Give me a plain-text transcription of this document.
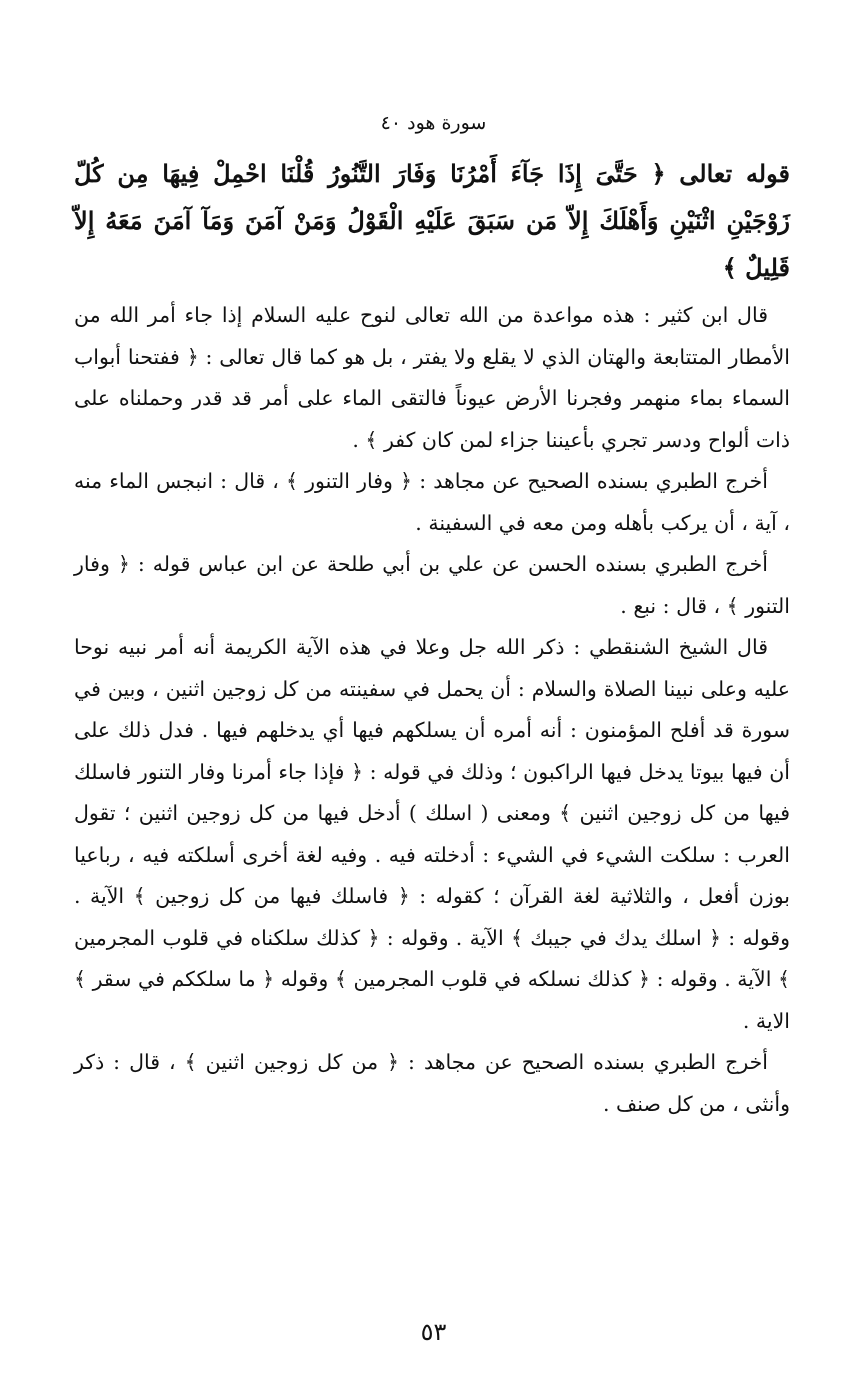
سورة هود ٤٠

قوله تعالى ﴿ حَتَّىَ إِذَا جَآءَ أَمْرُنَا وَفَارَ التَّنُورُ قُلْنَا احْمِلْ فِيهَا مِن كُلّ زَوْجَيْنِ اثْنَيْنِ وَأَهْلَكَ إِلاّ مَن سَبَقَ عَلَيْهِ الْقَوْلُ وَمَنْ آمَنَ وَمَآ آمَنَ مَعَهُ إِلاّ قَلِيلٌ ﴾

قال ابن كثير : هذه مواعدة من الله تعالى لنوح عليه السلام إذا جاء أمر الله من الأمطار المتتابعة والهتان الذي لا يقلع ولا يفتر ، بل هو كما قال تعالى : ﴿ ففتحنا أبواب السماء بماء منهمر وفجرنا الأرض عيوناً فالتقى الماء على أمر قد قدر وحملناه على ذات ألواح ودسر تجري بأعيننا جزاء لمن كان كفر ﴾ .

أخرج الطبري بسنده الصحيح عن مجاهد : ﴿ وفار التنور ﴾ ، قال : انبجس الماء منه ، آية ، أن يركب بأهله ومن معه في السفينة .

أخرج الطبري بسنده الحسن عن علي بن أبي طلحة عن ابن عباس قوله : ﴿ وفار التنور ﴾ ، قال : نبع .

قال الشيخ الشنقطي : ذكر الله جل وعلا في هذه الآية الكريمة أنه أمر نبيه نوحا عليه وعلى نبينا الصلاة والسلام : أن يحمل في سفينته من كل زوجين اثنين ، وبين في سورة قد أفلح المؤمنون : أنه أمره أن يسلكهم فيها أي يدخلهم فيها . فدل ذلك على أن فيها بيوتا يدخل فيها الراكبون ؛ وذلك في قوله : ﴿ فإذا جاء أمرنا وفار التنور فاسلك فيها من كل زوجين اثنين ﴾ ومعنى ( اسلك ) أدخل فيها من كل زوجين اثنين ؛ تقول العرب : سلكت الشيء في الشيء : أدخلته فيه . وفيه لغة أخرى أسلكته فيه ، رباعيا بوزن أفعل ، والثلاثية لغة القرآن ؛ كقوله : ﴿ فاسلك فيها من كل زوجين ﴾ الآية . وقوله : ﴿ اسلك يدك في جيبك ﴾ الآية . وقوله : ﴿ كذلك سلكناه في قلوب المجرمين ﴾ الآية . وقوله : ﴿ كذلك نسلكه في قلوب المجرمين ﴾ وقوله ﴿ ما سلككم في سقر ﴾ الاية .

أخرج الطبري بسنده الصحيح عن مجاهد : ﴿ من كل زوجين اثنين ﴾ ، قال : ذكر وأنثى ، من كل صنف .

٥٣
